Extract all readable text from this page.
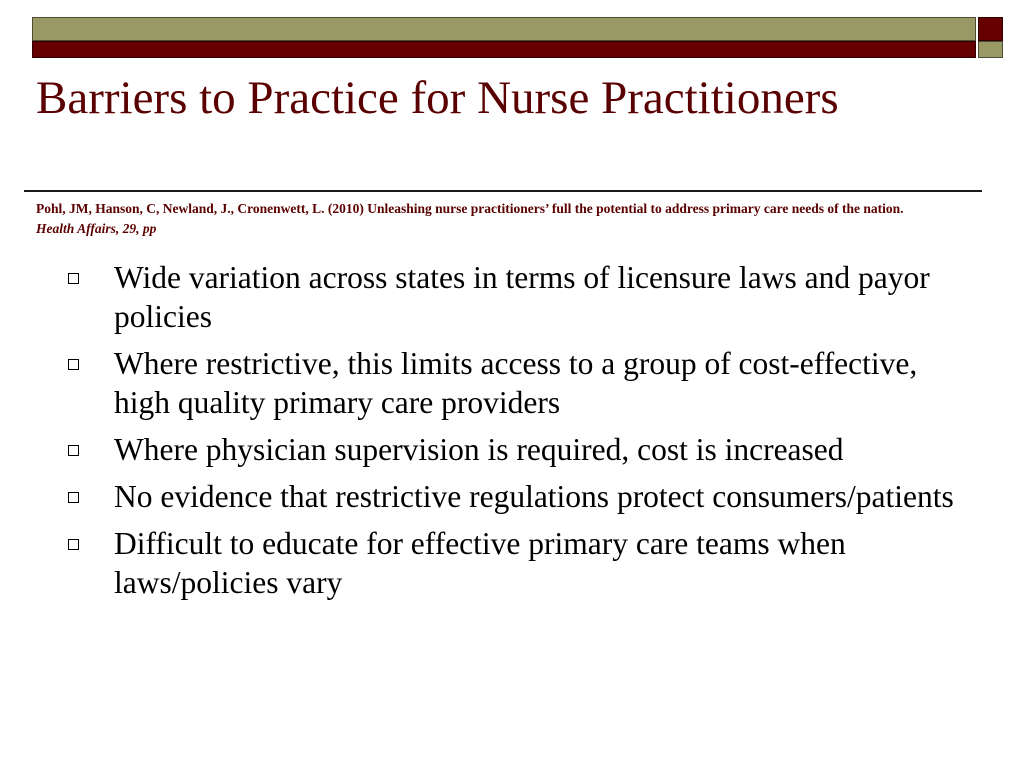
Barriers to Practice for Nurse Practitioners
Pohl, JM, Hanson, C, Newland, J., Cronenwett, L. (2010) Unleashing nurse practitioners’ full the potential to address primary care needs of the nation. Health Affairs, 29, pp
Wide variation across states in terms of licensure laws and payor policies
Where restrictive, this limits access to a group of cost-effective, high quality primary care providers
Where physician supervision is required, cost is increased
No evidence that restrictive regulations protect consumers/patients
Difficult to educate for effective primary care teams when laws/policies vary
